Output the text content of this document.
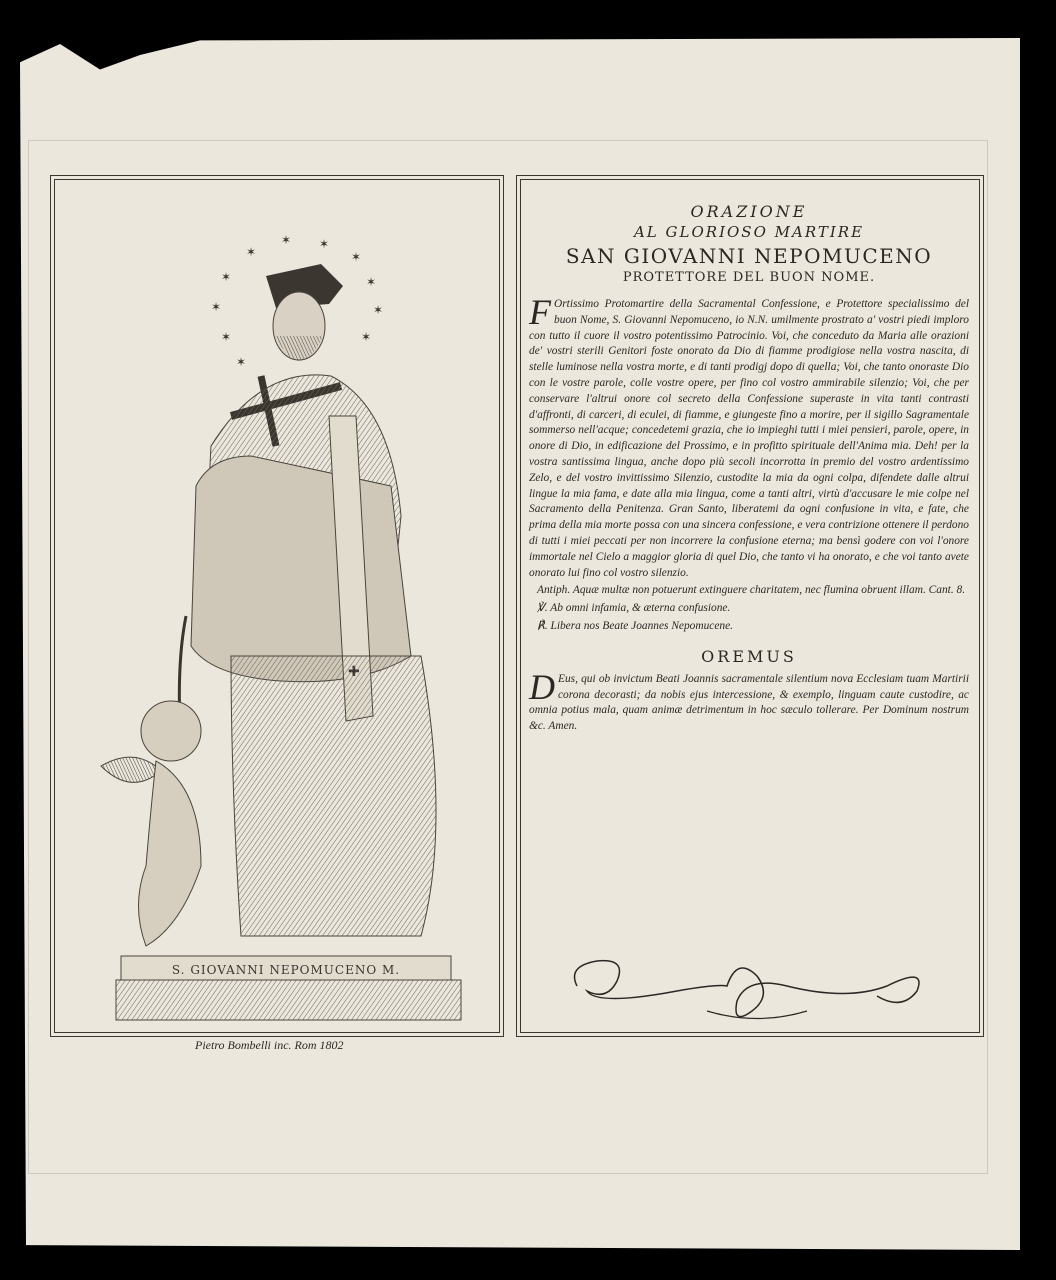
✶
✶ ✶
✶
✶
✶
✶
✶
✶
✶
✶
S. GIOVANNI NEPOMUCENO M.
Pietro Bombelli inc. Rom 1802
ORAZIONE
AL GLORIOSO MARTIRE
SAN GIOVANNI NEPOMUCENO
PROTETTORE DEL BUON NOME.
F Ortissimo Protomartire della Sacramental Confessione, e Protettore specialissimo del buon Nome, S. Giovanni Nepomuceno, io N.N. umilmente prostrato a' vostri piedi imploro con tutto il cuore il vostro potentissimo Patrocinio. Voi, che conceduto da Maria alle orazioni de' vostri sterili Genitori foste onorato da Dio di fiamme prodigiose nella vostra nascita, di stelle luminose nella vostra morte, e di tanti prodigj dopo di quella; Voi, che tanto onoraste Dio con le vostre parole, colle vostre opere, per fino col vostro ammirabile silenzio; Voi, che per conservare l'altrui onore col secreto della Confessione superaste in vita tanti contrasti d'affronti, di carceri, di eculei, di fiamme, e giungeste fino a morire, per il sigillo Sagramentale sommerso nell'acque; concedetemi grazia, che io impieghi tutti i miei pensieri, parole, opere, in onore di Dio, in edificazione del Prossimo, e in profitto spirituale dell'Anima mia. Deh! per la vostra santissima lingua, anche dopo più secoli incorrotta in premio del vostro ardentissimo Zelo, e del vostro invittissimo Silenzio, custodite la mia da ogni colpa, difendete dalle altrui lingue la mia fama, e date alla mia lingua, come a tanti altri, virtù d'accusare le mie colpe nel Sacramento della Penitenza. Gran Santo, liberatemi da ogni confusione in vita, e fate, che prima della mia morte possa con una sincera confessione, e vera contrizione ottenere il perdono di tutti i miei peccati per non incorrere la confusione eterna; ma bensì godere con voi l'onore immortale nel Cielo a maggior gloria di quel Dio, che tanto vi ha onorato, e che voi tanto avete onorato lui fino col vostro silenzio.
Antiph. Aquæ multæ non potuerunt extinguere charitatem, nec flumina obruent illam. Cant. 8.
℣. Ab omni infamia, & æterna confusione.
℟. Libera nos Beate Joannes Nepomucene.
OREMUS
D Eus, qui ob invictum Beati Joannis sacramentale silentium nova Ecclesiam tuam Martirii corona decorasti; da nobis ejus intercessione, & exemplo, linguam caute custodire, ac omnia potius mala, quam animæ detrimentum in hoc sæculo tollerare. Per Dominum nostrum &c. Amen.
